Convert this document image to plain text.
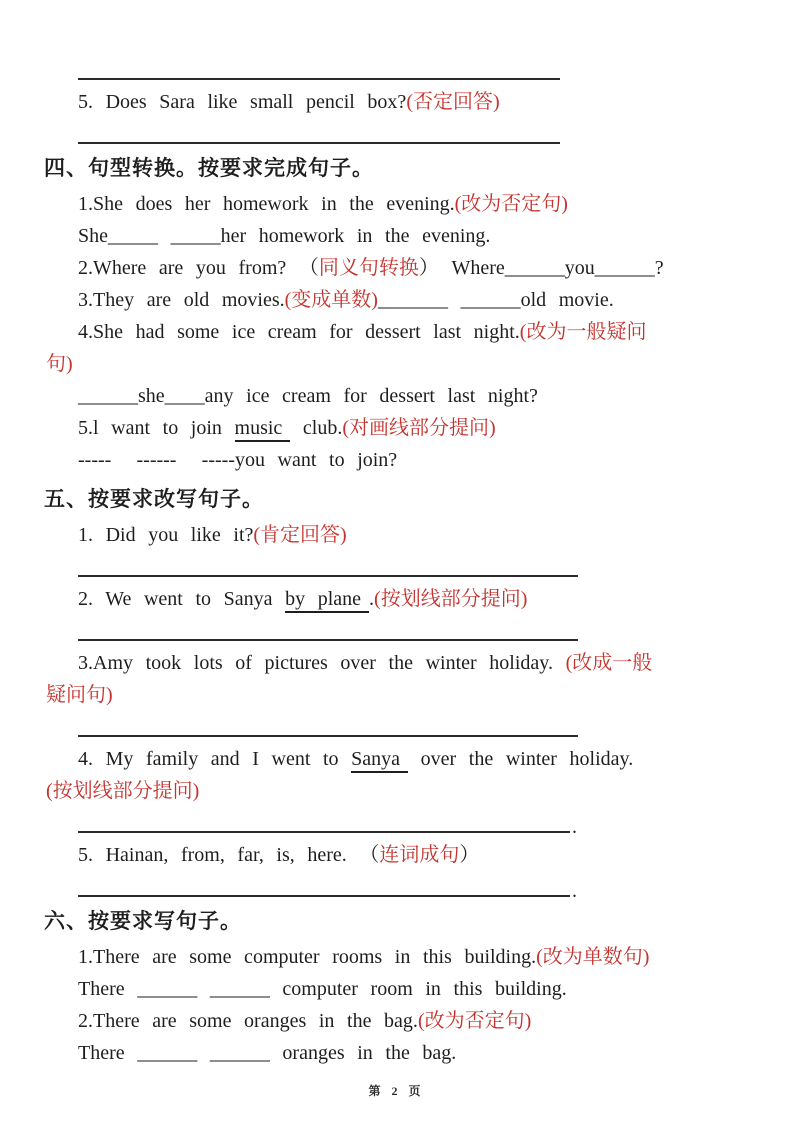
5. Does Sara like small pencil box?(否定回答)
四、句型转换。按要求完成句子。
1.She does her homework in the evening.(改为否定句)
She_____ _____her homework in the evening.
2.Where are you from? （同义句转换） Where______you______?
3.They are old movies.(变成单数)_______ ______old movie.
4.She had some ice cream for dessert last night.(改为一般疑问
句)
______she____any ice cream for dessert last night?
5.l want to join music club.(对画线部分提问)
-----  ------  -----you want to join?
五、按要求改写句子。
1. Did you like it?(肯定回答)
2. We went to Sanya by plane .(按划线部分提问)
3.Amy took lots of pictures over the winter holiday. (改成一般
疑问句)
4. My family and I went to Sanya over the winter holiday.
(按划线部分提问)
.
5. Hainan, from, far, is, here. （连词成句）
.
六、按要求写句子。
1.There are some computer rooms in this building.(改为单数句)
There ______ ______ computer room in this building.
2.There are some oranges in the bag.(改为否定句)
There ______ ______ oranges in the bag.
第 2 页
